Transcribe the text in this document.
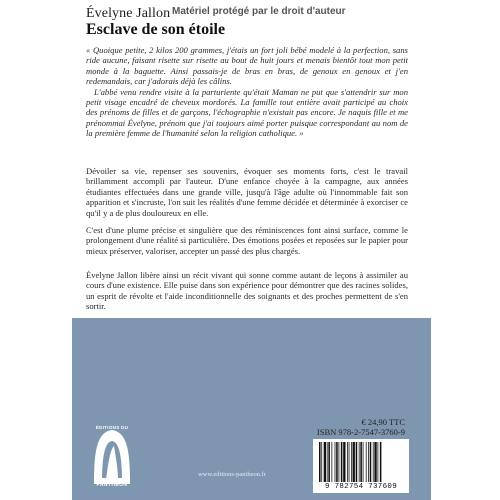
Évelyne Jallon Matériel protégé par le droit d'auteur
Esclave de son étoile

« Quoique petite, 2 kilos 200 grammes, j'étais un fort joli bébé modelé à la perfection, sans ride aucune, faisant risette sur risette au bout de huit jours et menais bientôt tout mon petit monde à la baguette. Ainsi passais-je de bras en bras, de genoux en genoux et j'en redemandais, car j'adorais déjà les câlins.

L'abbé venu rendre visite à la parturiente qu'était Maman ne put que s'attendrir sur mon petit visage encadré de cheveux mordorés. La famille tout entière avait participé au choix des prénoms de filles et de garçons, l'échographie n'existait pas encore. Je naquis fille et me prénommai Évelyne, prénom que j'ai toujours aimé porter puisque correspondant au nom de la première femme de l'humanité selon la religion catholique. »

Dévoiler sa vie, repenser ses souvenirs, évoquer ses moments forts, c'est le travail brillamment accompli par l'auteur. D'une enfance choyée à la campagne, aux années étudiantes effectuées dans une grande ville, jusqu'à l'âge adulte où l'innommable fait son apparition et s'incruste, l'on suit les réalités d'une femme décidée et déterminée à exorciser ce qu'il y a de plus douloureux en elle.
C'est d'une plume précise et singulière que des réminiscences font ainsi surface, comme le prolongement d'une réalité si particulière. Des émotions posées et reposées sur le papier pour mieux préserver, valoriser, accepter un passé des plus chargés.
Évelyne Jallon libère ainsi un récit vivant qui sonne comme autant de leçons à assimiler au cours d'une existence. Elle puise dans son expérience pour démontrer que des racines solides, un esprit de révolte et l'aide inconditionnelle des soignants et des proches permettent de s'en sortir.
ÉDITIONS DU
PANTHEON
€ 24,90 TTC
ISBN 978-2-7547-3760-9
9 782754 737609
www.editions-pantheon.fr
